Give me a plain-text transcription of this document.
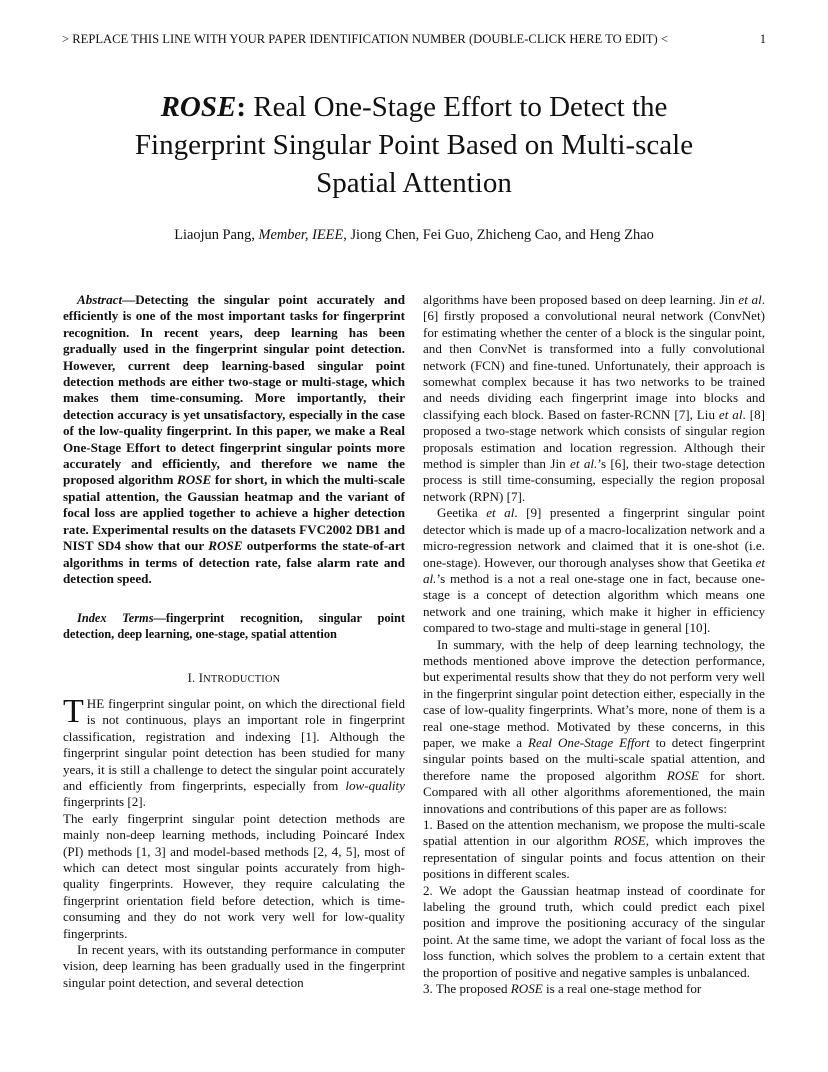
> REPLACE THIS LINE WITH YOUR PAPER IDENTIFICATION NUMBER (DOUBLE-CLICK HERE TO EDIT) <	1
ROSE: Real One-Stage Effort to Detect the
Fingerprint Singular Point Based on Multi-scale
Spatial Attention
Liaojun Pang, Member, IEEE, Jiong Chen, Fei Guo, Zhicheng Cao, and Heng Zhao

Abstract—Detecting the singular point accurately and efficiently is one of the most important tasks for fingerprint recognition. In recent years, deep learning has been gradually used in the fingerprint singular point detection. However, current deep learning-based singular point detection methods are either two-stage or multi-stage, which makes them time-consuming. More importantly, their detection accuracy is yet unsatisfactory, especially in the case of the low-quality fingerprint. In this paper, we make a Real One-Stage Effort to detect fingerprint singular points more accurately and efficiently, and therefore we name the proposed algorithm ROSE for short, in which the multi-scale spatial attention, the Gaussian heatmap and the variant of focal loss are applied together to achieve a higher detection rate. Experimental results on the datasets FVC2002 DB1 and NIST SD4 show that our ROSE outperforms the state-of-art algorithms in terms of detection rate, false alarm rate and detection speed.

Index Terms—fingerprint recognition, singular point detection, deep learning, one-stage, spatial attention

I. INTRODUCTION

THE fingerprint singular point, on which the directional field is not continuous, plays an important role in fingerprint classification, registration and indexing [1]. Although the fingerprint singular point detection has been studied for many years, it is still a challenge to detect the singular point accurately and efficiently from fingerprints, especially from low-quality fingerprints [2].

The early fingerprint singular point detection methods are mainly non-deep learning methods, including Poincaré Index (PI) methods [1, 3] and model-based methods [2, 4, 5], most of which can detect most singular points accurately from high-quality fingerprints. However, they require calculating the fingerprint orientation field before detection, which is time-consuming and they do not work very well for low-quality fingerprints.

In recent years, with its outstanding performance in computer vision, deep learning has been gradually used in the fingerprint singular point detection, and several detection

algorithms have been proposed based on deep learning. Jin et al. [6] firstly proposed a convolutional neural network (ConvNet) for estimating whether the center of a block is the singular point, and then ConvNet is transformed into a fully convolutional network (FCN) and fine-tuned. Unfortunately, their approach is somewhat complex because it has two networks to be trained and needs dividing each fingerprint image into blocks and classifying each block. Based on faster-RCNN [7], Liu et al. [8] proposed a two-stage network which consists of singular region proposals estimation and location regression. Although their method is simpler than Jin et al.’s [6], their two-stage detection process is still time-consuming, especially the region proposal network (RPN) [7].

Geetika et al. [9] presented a fingerprint singular point detector which is made up of a macro-localization network and a micro-regression network and claimed that it is one-shot (i.e. one-stage). However, our thorough analyses show that Geetika et al.’s method is a not a real one-stage one in fact, because one-stage is a concept of detection algorithm which means one network and one training, which make it higher in efficiency compared to two-stage and multi-stage in general [10].

In summary, with the help of deep learning technology, the methods mentioned above improve the detection performance, but experimental results show that they do not perform very well in the fingerprint singular point detection either, especially in the case of low-quality fingerprints. What’s more, none of them is a real one-stage method. Motivated by these concerns, in this paper, we make a Real One-Stage Effort to detect fingerprint singular points based on the multi-scale spatial attention, and therefore name the proposed algorithm ROSE for short. Compared with all other algorithms aforementioned, the main innovations and contributions of this paper are as follows:

1. Based on the attention mechanism, we propose the multi-scale spatial attention in our algorithm ROSE, which improves the representation of singular points and focus attention on their positions in different scales.

2. We adopt the Gaussian heatmap instead of coordinate for labeling the ground truth, which could predict each pixel position and improve the positioning accuracy of the singular point. At the same time, we adopt the variant of focal loss as the loss function, which solves the problem to a certain extent that the proportion of positive and negative samples is unbalanced.

3. The proposed ROSE is a real one-stage method for
